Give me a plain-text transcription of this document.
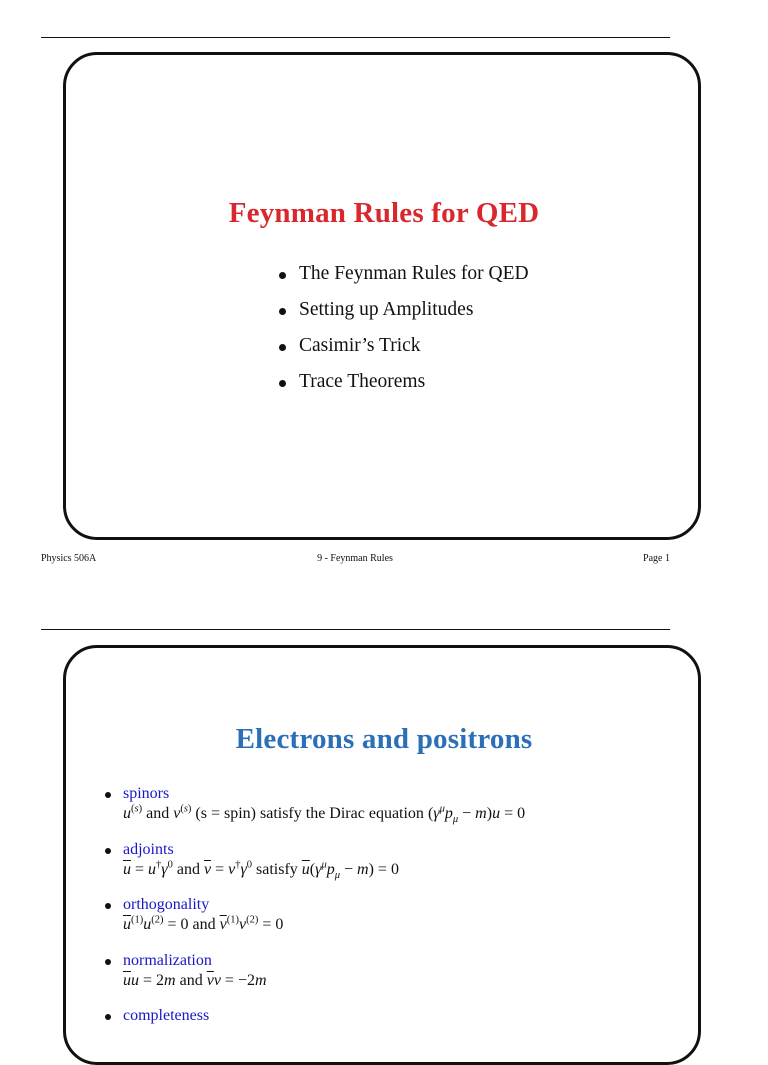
Feynman Rules for QED
The Feynman Rules for QED
Setting up Amplitudes
Casimir’s Trick
Trace Theorems
Physics 506A	9 - Feynman Rules	Page 1
Electrons and positrons
spinors
$u^{(s)}$ and $v^{(s)}$ (s = spin) satisfy the Dirac equation $(\gamma^\mu p_\mu - m)u = 0$
adjoints
$\overline{u} = u^\dagger\gamma^0$ and $\overline{v} = v^\dagger\gamma^0$ satisfy $\overline{u}(\gamma^\mu p_\mu - m) = 0$
orthogonality
$\overline{u}^{(1)}u^{(2)} = 0$ and $\overline{v}^{(1)}v^{(2)} = 0$
normalization
$\overline{u}u = 2m$ and $\overline{v}v = -2m$
completeness
